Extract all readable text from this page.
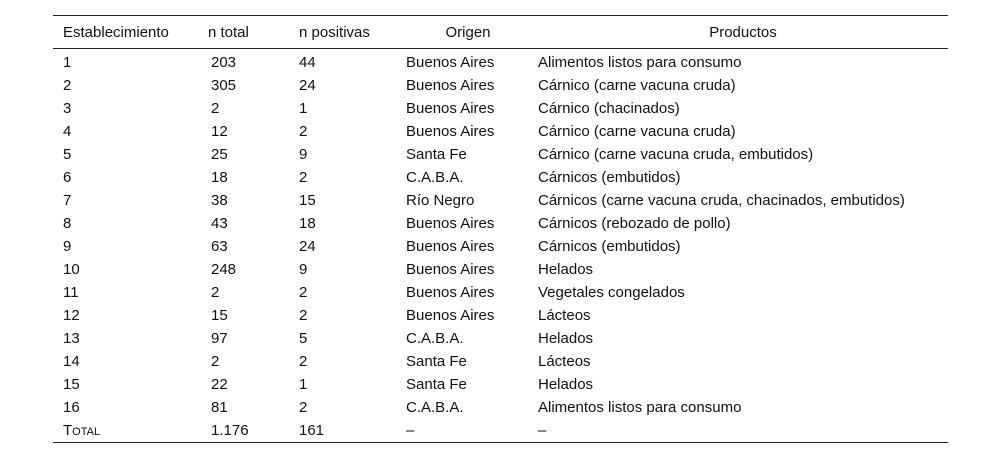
Establecimiento	n total	n positivas	Origen	Productos
1	203	44	Buenos Aires	Alimentos listos para consumo
2	305	24	Buenos Aires	Cárnico (carne vacuna cruda)
3	2	1	Buenos Aires	Cárnico (chacinados)
4	12	2	Buenos Aires	Cárnico (carne vacuna cruda)
5	25	9	Santa Fe	Cárnico (carne vacuna cruda, embutidos)
6	18	2	C.A.B.A.	Cárnicos (embutidos)
7	38	15	Río Negro	Cárnicos (carne vacuna cruda, chacinados, embutidos)
8	43	18	Buenos Aires	Cárnicos (rebozado de pollo)
9	63	24	Buenos Aires	Cárnicos (embutidos)
10	248	9	Buenos Aires	Helados
11	2	2	Buenos Aires	Vegetales congelados
12	15	2	Buenos Aires	Lácteos
13	97	5	C.A.B.A.	Helados
14	2	2	Santa Fe	Lácteos
15	22	1	Santa Fe	Helados
16	81	2	C.A.B.A.	Alimentos listos para consumo
Total	1.176	161	–	–
